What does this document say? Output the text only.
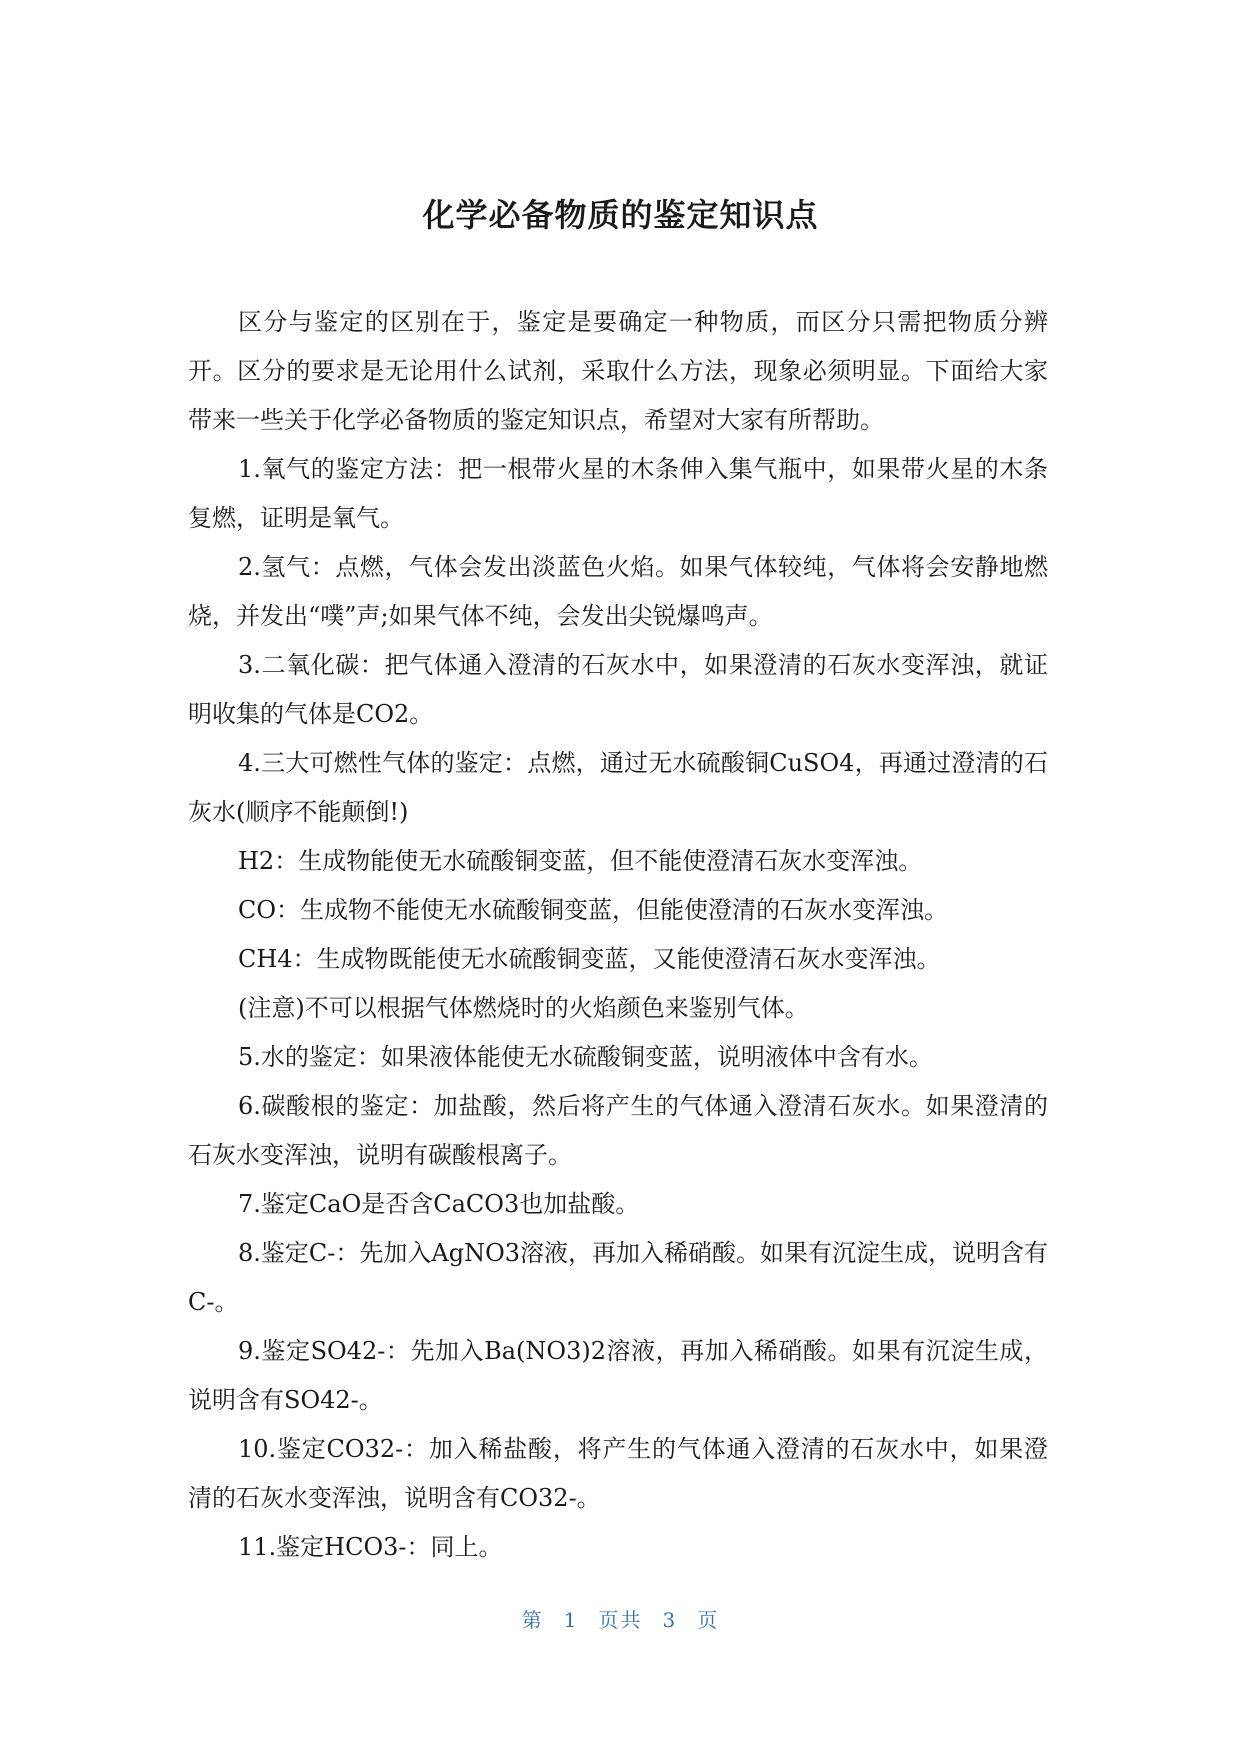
化学必备物质的鉴定知识点

区分与鉴定的区别在于，鉴定是要确定一种物质，而区分只需把物质分辨开。区分的要求是无论用什么试剂，采取什么方法，现象必须明显。下面给大家带来一些关于化学必备物质的鉴定知识点，希望对大家有所帮助。

1.氧气的鉴定方法：把一根带火星的木条伸入集气瓶中，如果带火星的木条复燃，证明是氧气。

2.氢气：点燃，气体会发出淡蓝色火焰。如果气体较纯，气体将会安静地燃烧，并发出“噗”声;如果气体不纯，会发出尖锐爆鸣声。

3.二氧化碳：把气体通入澄清的石灰水中，如果澄清的石灰水变浑浊，就证明收集的气体是CO2。

4.三大可燃性气体的鉴定：点燃，通过无水硫酸铜CuSO4，再通过澄清的石灰水(顺序不能颠倒!)

H2：生成物能使无水硫酸铜变蓝，但不能使澄清石灰水变浑浊。

CO：生成物不能使无水硫酸铜变蓝，但能使澄清的石灰水变浑浊。

CH4：生成物既能使无水硫酸铜变蓝，又能使澄清石灰水变浑浊。

(注意)不可以根据气体燃烧时的火焰颜色来鉴别气体。

5.水的鉴定：如果液体能使无水硫酸铜变蓝，说明液体中含有水。

6.碳酸根的鉴定：加盐酸，然后将产生的气体通入澄清石灰水。如果澄清的石灰水变浑浊，说明有碳酸根离子。

7.鉴定CaO是否含CaCO3也加盐酸。

8.鉴定C-：先加入AgNO3溶液，再加入稀硝酸。如果有沉淀生成，说明含有C-。

9.鉴定SO42-：先加入Ba(NO3)2溶液，再加入稀硝酸。如果有沉淀生成，说明含有SO42-。

10.鉴定CO32-：加入稀盐酸，将产生的气体通入澄清的石灰水中，如果澄清的石灰水变浑浊，说明含有CO32-。

11.鉴定HCO3-：同上。

第 1 页共 3 页
